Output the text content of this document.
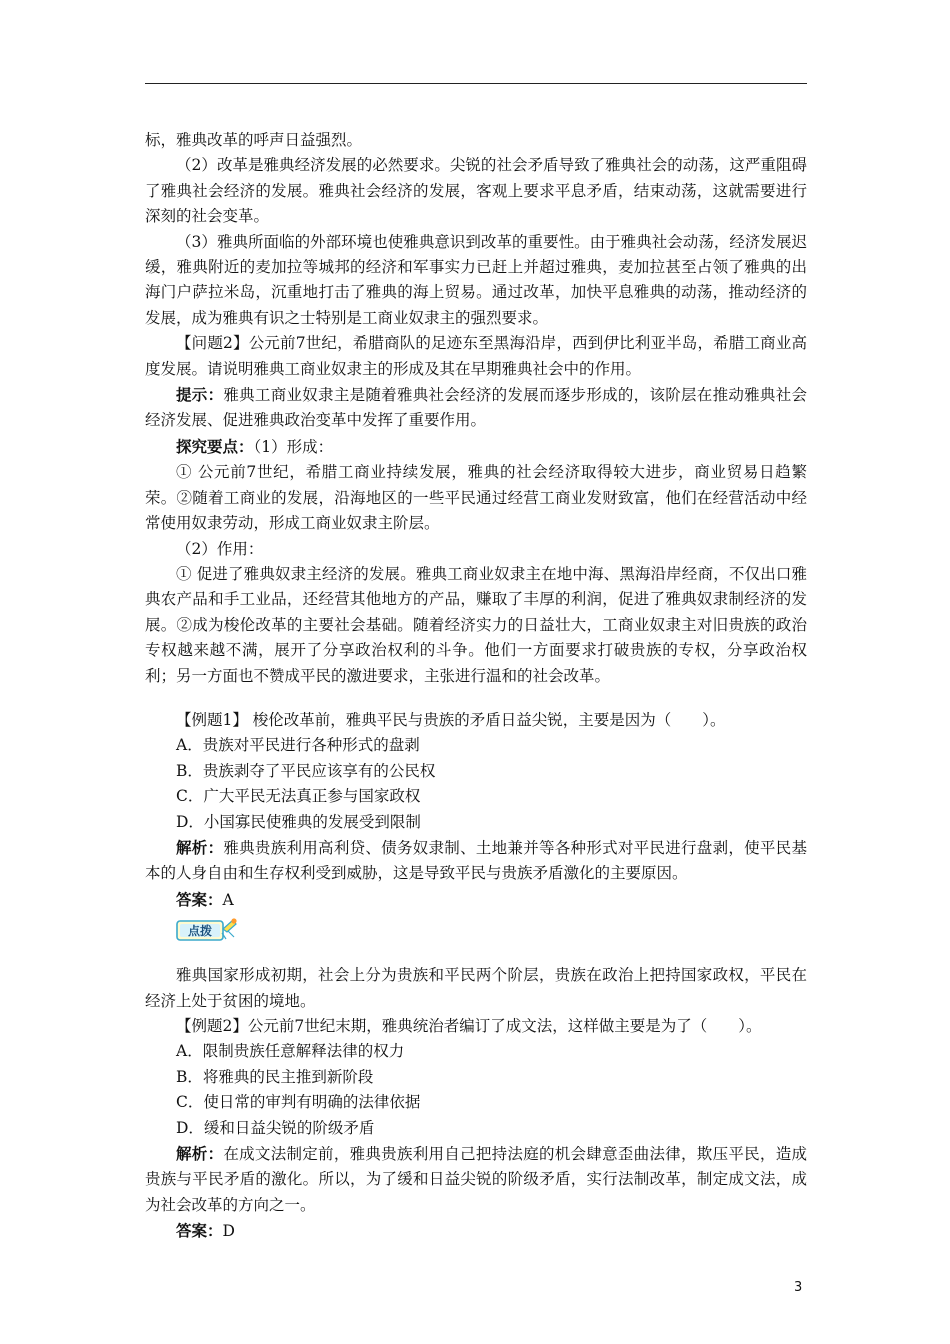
标，雅典改革的呼声日益强烈。

（2）改革是雅典经济发展的必然要求。尖锐的社会矛盾导致了雅典社会的动荡，这严重阻碍了雅典社会经济的发展。雅典社会经济的发展，客观上要求平息矛盾，结束动荡，这就需要进行深刻的社会变革。

（3）雅典所面临的外部环境也使雅典意识到改革的重要性。由于雅典社会动荡，经济发展迟缓，雅典附近的麦加拉等城邦的经济和军事实力已赶上并超过雅典，麦加拉甚至占领了雅典的出海门户萨拉米岛，沉重地打击了雅典的海上贸易。通过改革，加快平息雅典的动荡，推动经济的发展，成为雅典有识之士特别是工商业奴隶主的强烈要求。

【问题2】公元前7世纪，希腊商队的足迹东至黑海沿岸，西到伊比利亚半岛，希腊工商业高度发展。请说明雅典工商业奴隶主的形成及其在早期雅典社会中的作用。

提示：雅典工商业奴隶主是随着雅典社会经济的发展而逐步形成的，该阶层在推动雅典社会经济发展、促进雅典政治变革中发挥了重要作用。

探究要点：（1）形成：

① 公元前7世纪，希腊工商业持续发展，雅典的社会经济取得较大进步，商业贸易日趋繁荣。②随着工商业的发展，沿海地区的一些平民通过经营工商业发财致富，他们在经营活动中经常使用奴隶劳动，形成工商业奴隶主阶层。

（2）作用：

① 促进了雅典奴隶主经济的发展。雅典工商业奴隶主在地中海、黑海沿岸经商，不仅出口雅典农产品和手工业品，还经营其他地方的产品，赚取了丰厚的利润，促进了雅典奴隶制经济的发展。②成为梭伦改革的主要社会基础。随着经济实力的日益壮大，工商业奴隶主对旧贵族的政治专权越来越不满，展开了分享政治权利的斗争。他们一方面要求打破贵族的专权，分享政治权利；另一方面也不赞成平民的激进要求，主张进行温和的社会改革。

【例题1】 梭伦改革前，雅典平民与贵族的矛盾日益尖锐，主要是因为（　　）。

A．贵族对平民进行各种形式的盘剥

B．贵族剥夺了平民应该享有的公民权

C．广大平民无法真正参与国家政权

D．小国寡民使雅典的发展受到限制

解析：雅典贵族利用高利贷、债务奴隶制、土地兼并等各种形式对平民进行盘剥，使平民基本的人身自由和生存权利受到威胁，这是导致平民与贵族矛盾激化的主要原因。

答案：A

点拨

雅典国家形成初期，社会上分为贵族和平民两个阶层，贵族在政治上把持国家政权，平民在经济上处于贫困的境地。

【例题2】公元前7世纪末期，雅典统治者编订了成文法，这样做主要是为了（　　）。

A．限制贵族任意解释法律的权力

B．将雅典的民主推到新阶段

C．使日常的审判有明确的法律依据

D．缓和日益尖锐的阶级矛盾

解析：在成文法制定前，雅典贵族利用自己把持法庭的机会肆意歪曲法律，欺压平民，造成贵族与平民矛盾的激化。所以，为了缓和日益尖锐的阶级矛盾，实行法制改革，制定成文法，成为社会改革的方向之一。

答案：D

3
